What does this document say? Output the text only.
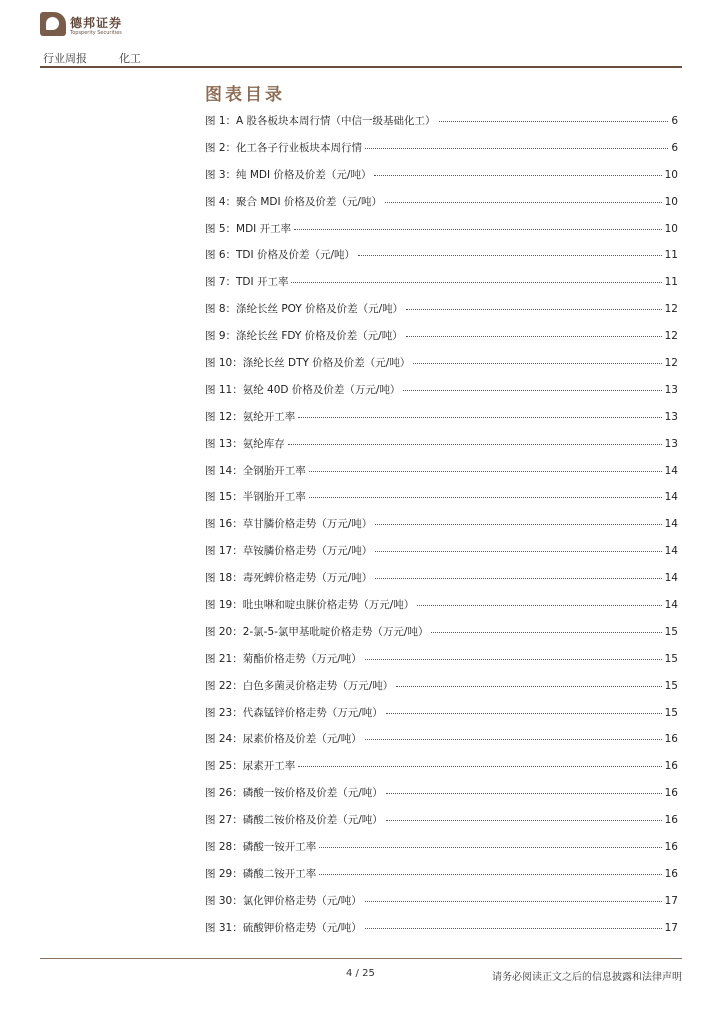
德邦证券
Topsperity Securities
行业周报	化工
图表目录
图 1：A 股各板块本周行情（中信一级基础化工）	6
图 2：化工各子行业板块本周行情	6
图 3：纯 MDI 价格及价差（元/吨）	10
图 4：聚合 MDI 价格及价差（元/吨）	10
图 5：MDI 开工率	10
图 6：TDI 价格及价差（元/吨）	11
图 7：TDI 开工率	11
图 8：涤纶长丝 POY 价格及价差（元/吨）	12
图 9：涤纶长丝 FDY 价格及价差（元/吨）	12
图 10：涤纶长丝 DTY 价格及价差（元/吨）	12
图 11：氨纶 40D 价格及价差（万元/吨）	13
图 12：氨纶开工率	13
图 13：氨纶库存	13
图 14：全钢胎开工率	14
图 15：半钢胎开工率	14
图 16：草甘膦价格走势（万元/吨）	14
图 17：草铵膦价格走势（万元/吨）	14
图 18：毒死蜱价格走势（万元/吨）	14
图 19：吡虫啉和啶虫脒价格走势（万元/吨）	14
图 20：2-氯-5-氯甲基吡啶价格走势（万元/吨）	15
图 21：菊酯价格走势（万元/吨）	15
图 22：白色多菌灵价格走势（万元/吨）	15
图 23：代森锰锌价格走势（万元/吨）	15
图 24：尿素价格及价差（元/吨）	16
图 25：尿素开工率	16
图 26：磷酸一铵价格及价差（元/吨）	16
图 27：磷酸二铵价格及价差（元/吨）	16
图 28：磷酸一铵开工率	16
图 29：磷酸二铵开工率	16
图 30：氯化钾价格走势（元/吨）	17
图 31：硫酸钾价格走势（元/吨）	17
4 / 25	请务必阅读正文之后的信息披露和法律声明
